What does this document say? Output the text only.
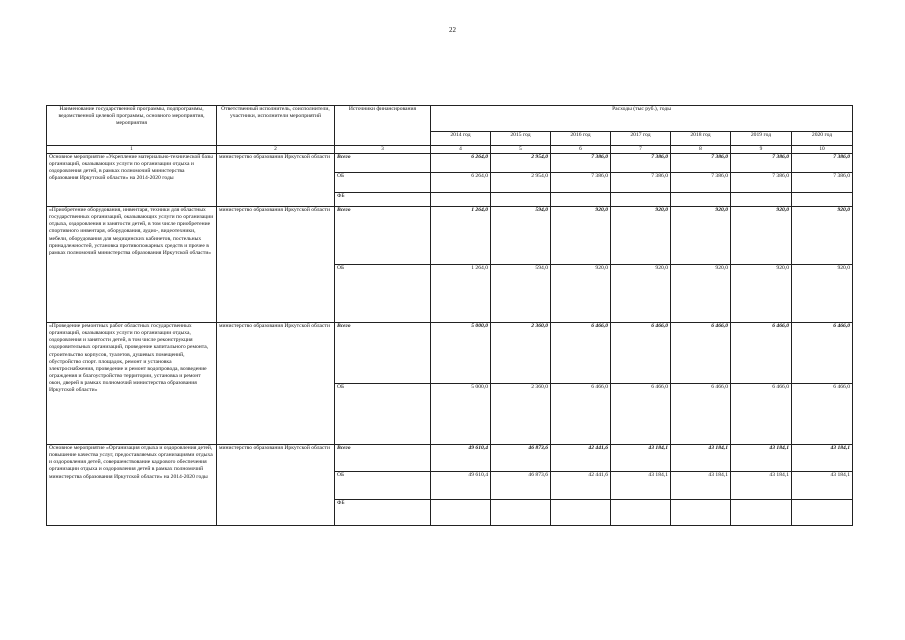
22
Наименование государственной программы, подпрограммы, ведомственной целевой программы, основного мероприятия, мероприятия	Ответственный исполнитель, соисполнители, участники, исполнители мероприятий	Источники финансирования	Расходы (тыс руб.), годы						
			2014 год	2015 год	2016 год	2017 год	2018 год	2019 год	2020 год
1	2	3	4	5	6	7	8	9	10
Основное мероприятие «Укрепление материально-технической базы организаций, оказывающих услуги по организации отдыха и оздоровления детей, в рамках полномочий министерства образования Иркутской области» на 2014-2020 годы	министерство образования Иркутской области	Всего	6 264,0	2 954,0	7 386,0	7 386,0	7 386,0	7 386,0	7 386,0
		ОБ	6 264,0	2 954,0	7 386,0	7 386,0	7 386,0	7 386,0	7 386,0
		ФБ							
«Приобретение оборудования, инвентаря, техники для областных государственных организаций, оказывающих услуги по организации отдыха, оздоровления и занятости детей, в том числе приобретение спортивного инвентаря, оборудования, аудио-, видеотехники, мебели, оборудования для медицинских кабинетов, постельных принадлежностей, установка противопожарных средств и прочее в рамках полномочий министерства образования Иркутской области»	министерство образования Иркутской области	Всего	1 264,0	594,0	920,0	920,0	920,0	920,0	920,0
		ОБ	1 264,0	594,0	920,0	920,0	920,0	920,0	920,0
«Проведение ремонтных работ областных государственных организаций, оказывающих услуги по организации отдыха, оздоровления и занятости детей, в том числе реконструкция оздоровительных организаций, проведение капитального ремонта, строительство корпусов, туалетов, душевых помещений, обустройство спорт. площадок, ремонт и установка электроснабжения, проведение и ремонт водопровода, возведение ограждения и благоустройство территории, установка и ремонт окон, дверей в рамках полномочий министерства образования Иркутской области»	министерство образования Иркутской области	Всего	5 000,0	2 360,0	6 466,0	6 466,0	6 466,0	6 466,0	6 466,0
		ОБ	5 000,0	2 360,0	6 466,0	6 466,0	6 466,0	6 466,0	6 466,0
Основное мероприятие «Организация отдыха и оздоровления детей, повышение качества услуг, предоставляемых организациями отдыха и оздоровления детей, совершенствование кадрового обеспечения организации отдыха и оздоровления детей в рамках полномочий министерства образования Иркутской области» на 2014-2020 годы	министерство образования Иркутской области	Всего	49 610,4	46 873,6	42 441,6	43 184,1	43 184,1	43 184,1	43 184,1
		ОБ	49 610,4	46 873,6	42 441,6	43 184,1	43 184,1	43 184,1	43 184,1
		ФБ							
